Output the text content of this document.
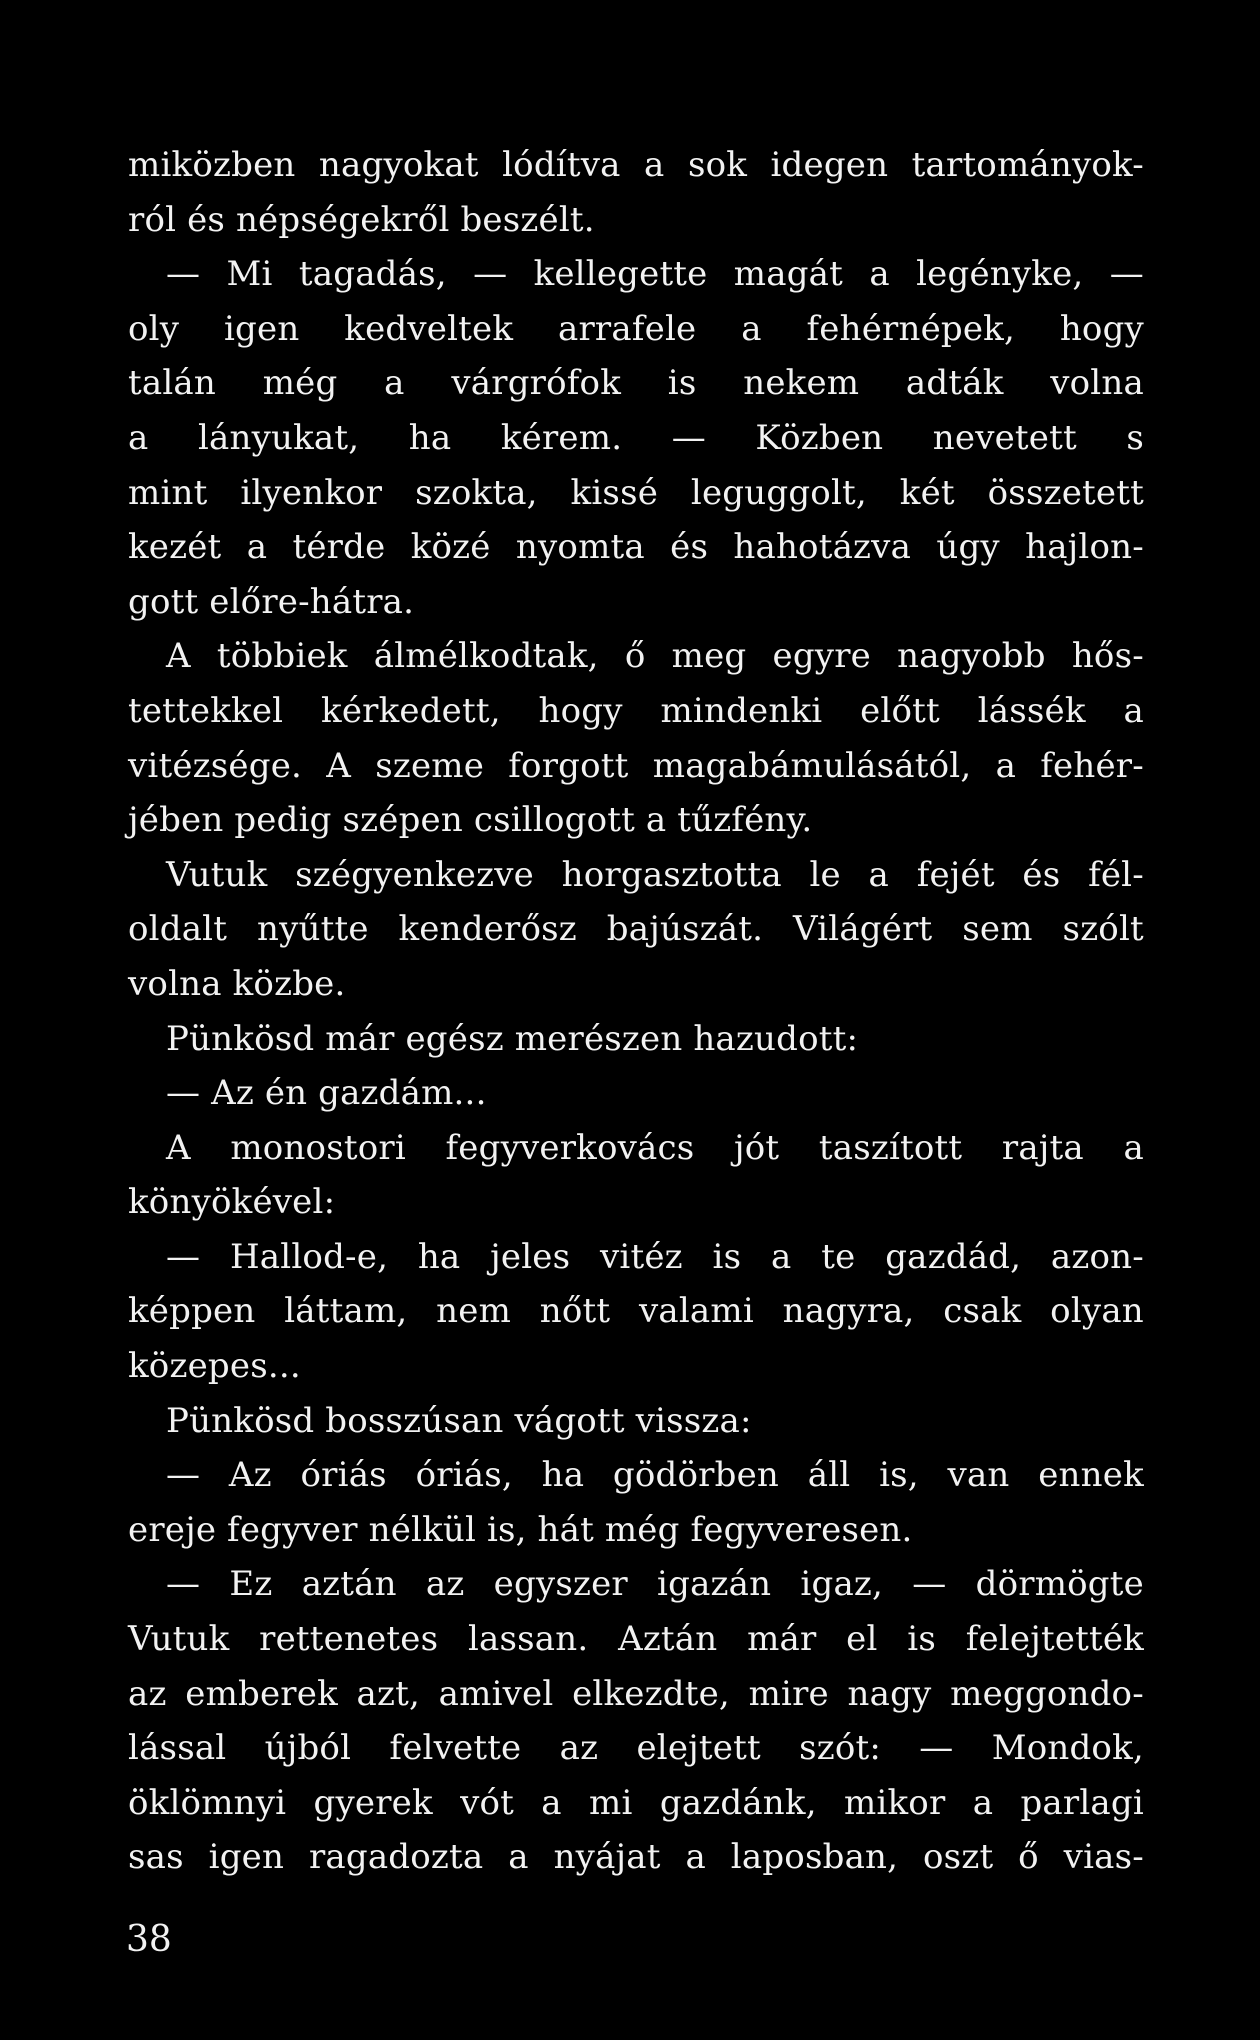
miközben nagyokat lódítva a sok idegen tartományok-
ról és népségekről beszélt.
— Mi tagadás, — kellegette magát a legényke, —
oly igen kedveltek arrafele a fehérnépek, hogy
talán még a várgrófok is nekem adták volna
a lányukat, ha kérem. — Közben nevetett s
mint ilyenkor szokta, kissé leguggolt, két összetett
kezét a térde közé nyomta és hahotázva úgy hajlon-
gott előre-hátra.
A többiek álmélkodtak, ő meg egyre nagyobb hős-
tettekkel kérkedett, hogy mindenki előtt lássék a
vitézsége. A szeme forgott magabámulásától, a fehér-
jében pedig szépen csillogott a tűzfény.
Vutuk szégyenkezve horgasztotta le a fejét és fél-
oldalt nyűtte kenderősz bajúszát. Világért sem szólt
volna közbe.
Pünkösd már egész merészen hazudott:
— Az én gazdám...
A monostori fegyverkovács jót taszított rajta a
könyökével:
— Hallod-e, ha jeles vitéz is a te gazdád, azon-
képpen láttam, nem nőtt valami nagyra, csak olyan
közepes...
Pünkösd bosszúsan vágott vissza:
— Az óriás óriás, ha gödörben áll is, van ennek
ereje fegyver nélkül is, hát még fegyveresen.
— Ez aztán az egyszer igazán igaz, — dörmögte
Vutuk rettenetes lassan. Aztán már el is felejtették
az emberek azt, amivel elkezdte, mire nagy meggondo-
lással újból felvette az elejtett szót: — Mondok,
öklömnyi gyerek vót a mi gazdánk, mikor a parlagi
sas igen ragadozta a nyájat a laposban, oszt ő vias-
38
